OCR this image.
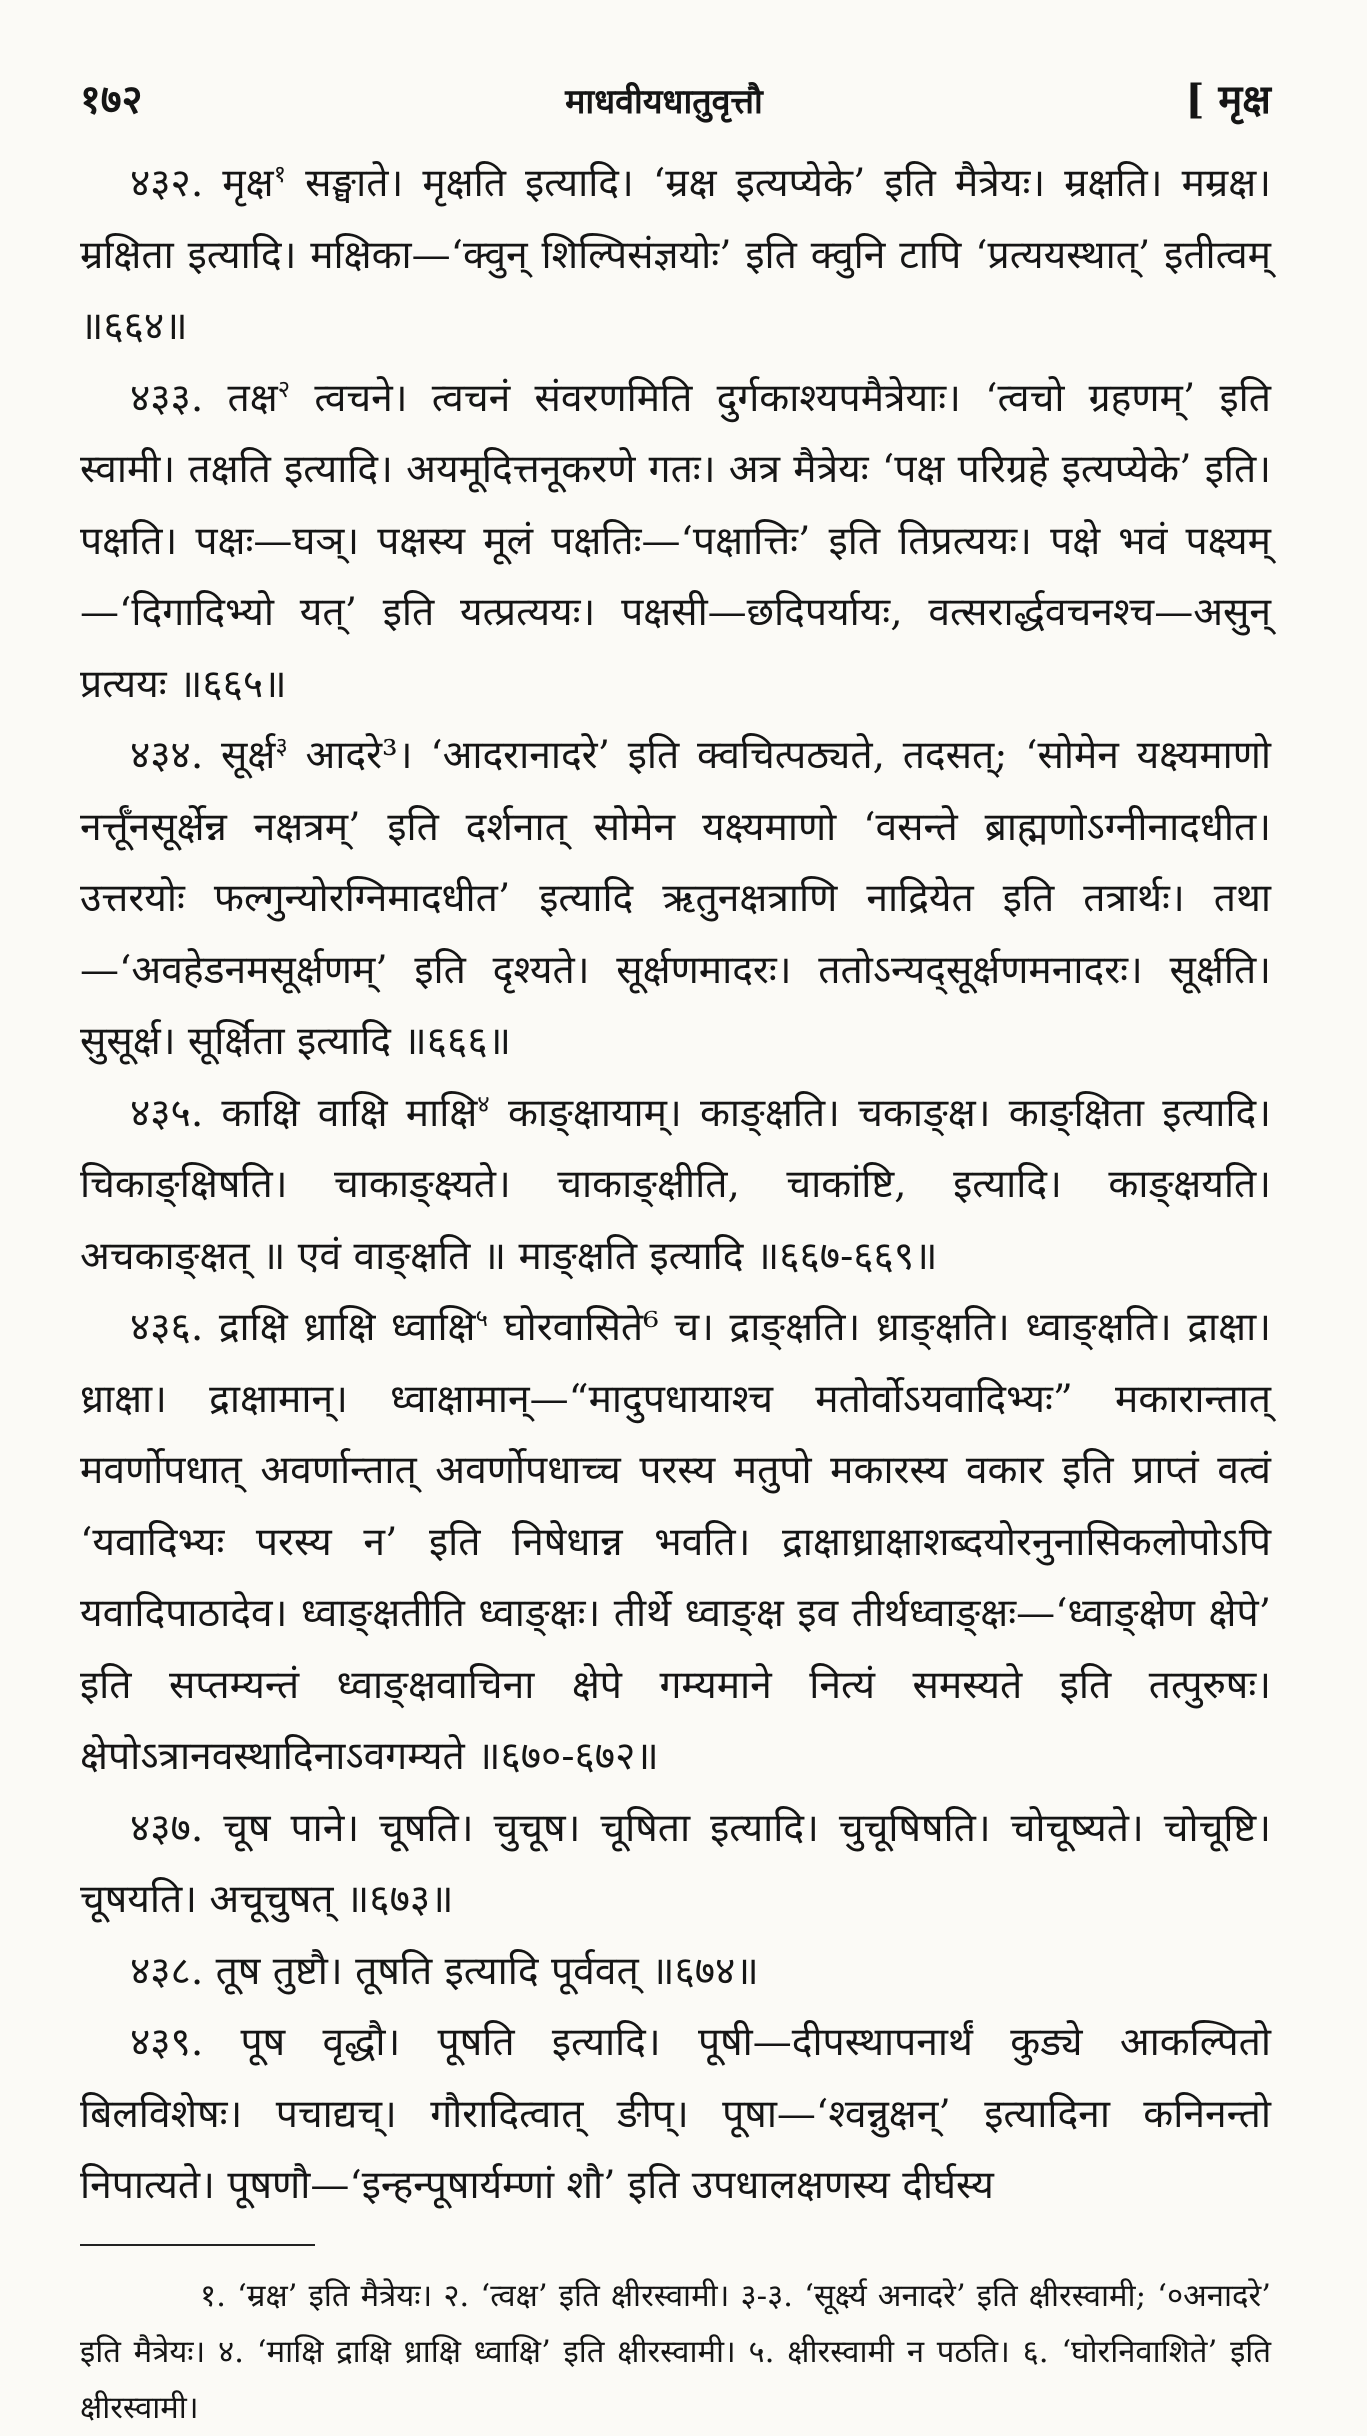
१७२	माधवीयधातुवृत्तौ	[ मृक्ष

४३२. मृक्ष$^१$ सङ्घाते। मृक्षति इत्यादि। ‘म्रक्ष इत्यप्येके’ इति मैत्रेयः। म्रक्षति। मम्रक्ष। म्रक्षिता इत्यादि। मक्षिका—‘क्वुन् शिल्पिसंज्ञयोः’ इति क्वुनि टापि ‘प्रत्ययस्थात्’ इतीत्वम् ॥६६४॥

४३३. तक्ष$^२$ त्वचने। त्वचनं संवरणमिति दुर्गकाश्यपमैत्रेयाः। ‘त्वचो ग्रहणम्’ इति स्वामी। तक्षति इत्यादि। अयमूदित्तनूकरणे गतः। अत्र मैत्रेयः ‘पक्ष परिग्रहे इत्यप्येके’ इति। पक्षति। पक्षः—घञ्। पक्षस्य मूलं पक्षतिः—‘पक्षात्तिः’ इति तिप्रत्ययः। पक्षे भवं पक्ष्यम्—‘दिगादिभ्यो यत्’ इति यत्प्रत्ययः। पक्षसी—छदिपर्यायः, वत्सरार्द्धवचनश्च—असुन् प्रत्ययः ॥६६५॥

४३४. सूर्क्ष$^३$ आदरे³। ‘आदरानादरे’ इति क्वचित्पठ्यते, तदसत्; ‘सोमेन यक्ष्यमाणो नर्त्तूँनसूर्क्षेन्न नक्षत्रम्’ इति दर्शनात् सोमेन यक्ष्यमाणो ‘वसन्ते ब्राह्मणोऽग्नीनादधीत। उत्तरयोः फल्गुन्योरग्निमादधीत’ इत्यादि ऋतुनक्षत्राणि नाद्रियेत इति तत्रार्थः। तथा—‘अवहेडनमसूर्क्षणम्’ इति दृश्यते। सूर्क्षणमादरः। ततोऽन्यद्‌सूर्क्षणमनादरः। सूर्क्षति। सुसूर्क्ष। सूर्क्षिता इत्यादि ॥६६६॥

४३५. काक्षि वाक्षि माक्षि$^४$ काङ्क्षायाम्। काङ्क्षति। चकाङ्क्ष। काङ्क्षिता इत्यादि। चिकाङ्क्षिषति। चाकाङ्क्ष्यते। चाकाङ्क्षीति, चाकांष्टि, इत्यादि। काङ्क्षयति। अचकाङ्क्षत् ॥ एवं वाङ्क्षति ॥ माङ्क्षति इत्यादि ॥६६७-६६९॥

४३६. द्राक्षि ध्राक्षि ध्वाक्षि$^५$ घोरवासिते⁶ च। द्राङ्क्षति। ध्राङ्क्षति। ध्वाङ्क्षति। द्राक्षा। ध्राक्षा। द्राक्षामान्। ध्वाक्षामान्—“मादुपधायाश्च मतोर्वोऽयवादिभ्यः” मकारान्तात् मवर्णोपधात् अवर्णान्तात् अवर्णोपधाच्च परस्य मतुपो मकारस्य वकार इति प्राप्तं वत्वं ‘यवादिभ्यः परस्य न’ इति निषेधान्न भवति। द्राक्षाध्राक्षाशब्दयोरनुनासिकलोपोऽपि यवादिपाठादेव। ध्वाङ्क्षतीति ध्वाङ्क्षः। तीर्थे ध्वाङ्क्ष इव तीर्थध्वाङ्क्षः—‘ध्वाङ्क्षेण क्षेपे’ इति सप्तम्यन्तं ध्वाङ्क्षवाचिना क्षेपे गम्यमाने नित्यं समस्यते इति तत्पुरुषः। क्षेपोऽत्रानवस्थादिनाऽवगम्यते ॥६७०-६७२॥

४३७. चूष पाने। चूषति। चुचूष। चूषिता इत्यादि। चुचूषिषति। चोचूष्यते। चोचूष्टि। चूषयति। अचूचुषत् ॥६७३॥

४३८. तूष तुष्टौ। तूषति इत्यादि पूर्ववत् ॥६७४॥

४३९. पूष वृद्धौ। पूषति इत्यादि। पूषी—दीपस्थापनार्थं कुड्ये आकल्पितो बिलविशेषः। पचाद्यच्। गौरादित्वात् ङीप्। पूषा—‘श्वन्नुक्षन्’ इत्यादिना कनिनन्तो निपात्यते। पूषणौ—‘इन्हन्पूषार्यम्णां शौ’ इति उपधालक्षणस्य दीर्घस्य

१. ‘म्रक्ष’ इति मैत्रेयः। २. ‘त्वक्ष’ इति क्षीरस्वामी। ३-३. ‘सूर्क्ष्य अनादरे’ इति क्षीरस्वामी; ‘०अनादरे’ इति मैत्रेयः। ४. ‘माक्षि द्राक्षि ध्राक्षि ध्वाक्षि’ इति क्षीरस्वामी। ५. क्षीरस्वामी न पठति। ६. ‘घोरनिवाशिते’ इति क्षीरस्वामी।
